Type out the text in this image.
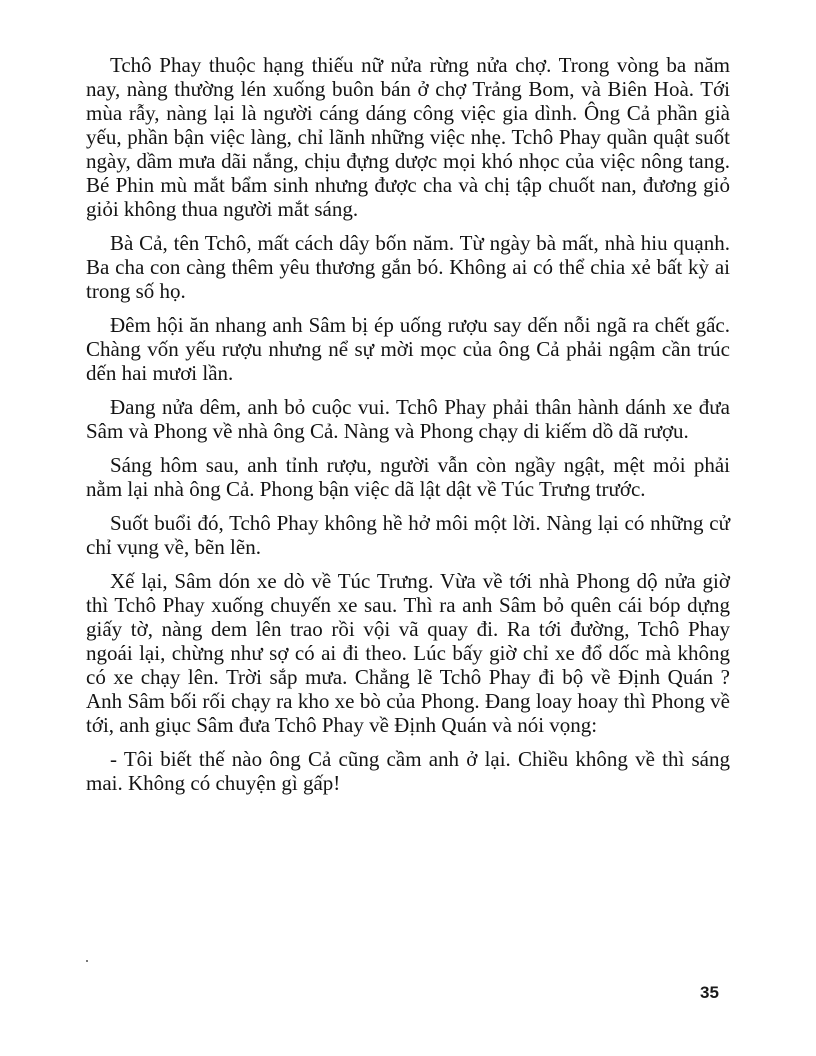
Tchô Phay thuộc hạng thiếu nữ nửa rừng nửa chợ. Trong vòng ba năm nay, nàng thường lén xuống buôn bán ở chợ Trảng Bom, và Biên Hoà. Tới mùa rẫy, nàng lại là người cáng dáng công việc gia dình. Ông Cả phần già yếu, phần bận việc làng, chỉ lãnh những việc nhẹ. Tchô Phay quần quật suốt ngày, dầm mưa dãi nắng, chịu đựng dược mọi khó nhọc của việc nông tang. Bé Phin mù mắt bẩm sinh nhưng được cha và chị tập chuốt nan, đương giỏ giỏi không thua người mắt sáng.

Bà Cả, tên Tchô, mất cách dây bốn năm. Từ ngày bà mất, nhà hiu quạnh. Ba cha con càng thêm yêu thương gắn bó. Không ai có thể chia xẻ bất kỳ ai trong số họ.

Đêm hội ăn nhang anh Sâm bị ép uống rượu say dến nỗi ngã ra chết gấc. Chàng vốn yếu rượu nhưng nể sự mời mọc của ông Cả phải ngậm cần trúc dến hai mươi lần.

Đang nửa dêm, anh bỏ cuộc vui. Tchô Phay phải thân hành dánh xe đưa Sâm và Phong về nhà ông Cả. Nàng và Phong chạy di kiếm dồ dã rượu.

Sáng hôm sau, anh tỉnh rượu, người vẫn còn ngầy ngật, mệt mỏi phải nằm lại nhà ông Cả. Phong bận việc dã lật dật về Túc Trưng trước.

Suốt buổi đó, Tchô Phay không hề hở môi một lời. Nàng lại có những cử chỉ vụng về, bẽn lẽn.

Xế lại, Sâm dón xe dò về Túc Trưng. Vừa về tới nhà Phong dộ nửa giờ thì Tchô Phay xuống chuyến xe sau. Thì ra anh Sâm bỏ quên cái bóp dựng giấy tờ, nàng dem lên trao rồi vội vã quay đi. Ra tới đường, Tchô Phay ngoái lại, chừng như sợ có ai đi theo. Lúc bấy giờ chỉ xe đổ dốc mà không có xe chạy lên. Trời sắp mưa. Chẳng lẽ Tchô Phay đi bộ về Định Quán ? Anh Sâm bối rối chạy ra kho xe bò của Phong. Đang loay hoay thì Phong về tới, anh giục Sâm đưa Tchô Phay về Định Quán và nói vọng:

- Tôi biết thế nào ông Cả cũng cầm anh ở lại. Chiều không về thì sáng mai. Không có chuyện gì gấp!

35
